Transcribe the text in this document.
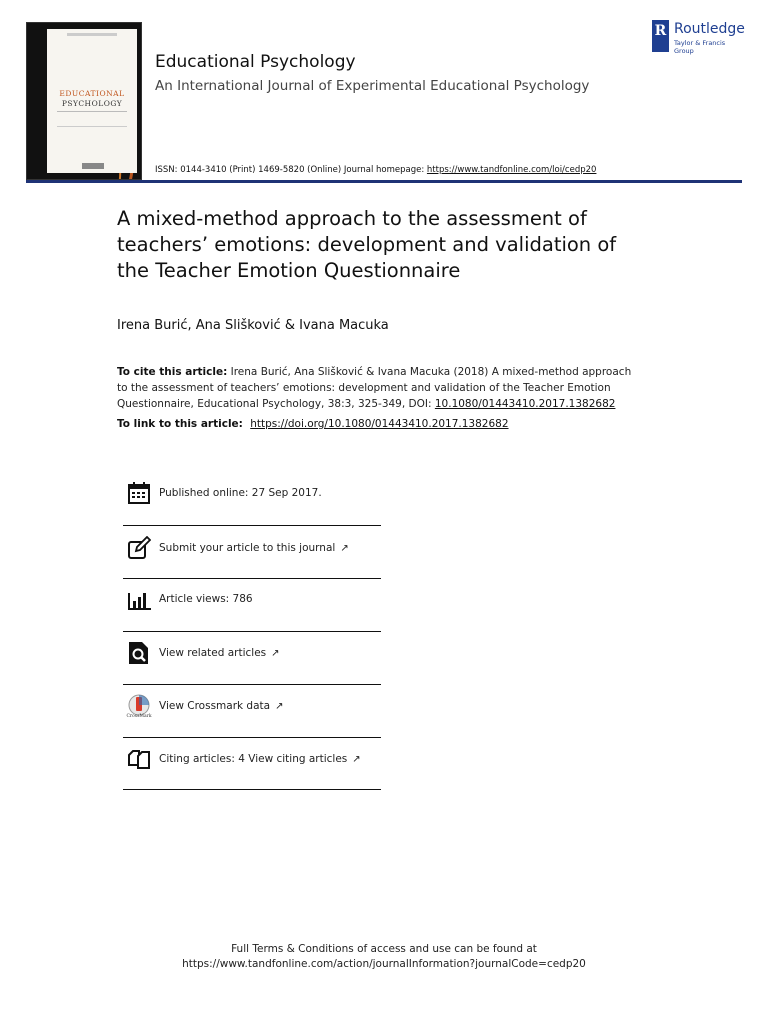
EDUCATIONAL
PSYCHOLOGY
Educational Psychology
An International Journal of Experimental Educational Psychology
ISSN: 0144-3410 (Print) 1469-5820 (Online) Journal homepage: https://www.tandfonline.com/loi/cedp20
R Routledge
Taylor & Francis Group
A mixed-method approach to the assessment of
teachers’ emotions: development and validation of
the Teacher Emotion Questionnaire
Irena Burić, Ana Slišković & Ivana Macuka
To cite this article: Irena Burić, Ana Slišković & Ivana Macuka (2018) A mixed-method approach
to the assessment of teachers’ emotions: development and validation of the Teacher Emotion
Questionnaire, Educational Psychology, 38:3, 325-349, DOI: 10.1080/01443410.2017.1382682
To link to this article: https://doi.org/10.1080/01443410.2017.1382682
Published online: 27 Sep 2017.
Submit your article to this journal ↗
Article views: 786
View related articles ↗
View Crossmark data ↗
CrossMark
Citing articles: 4 View citing articles ↗
Full Terms & Conditions of access and use can be found at
https://www.tandfonline.com/action/journalInformation?journalCode=cedp20
